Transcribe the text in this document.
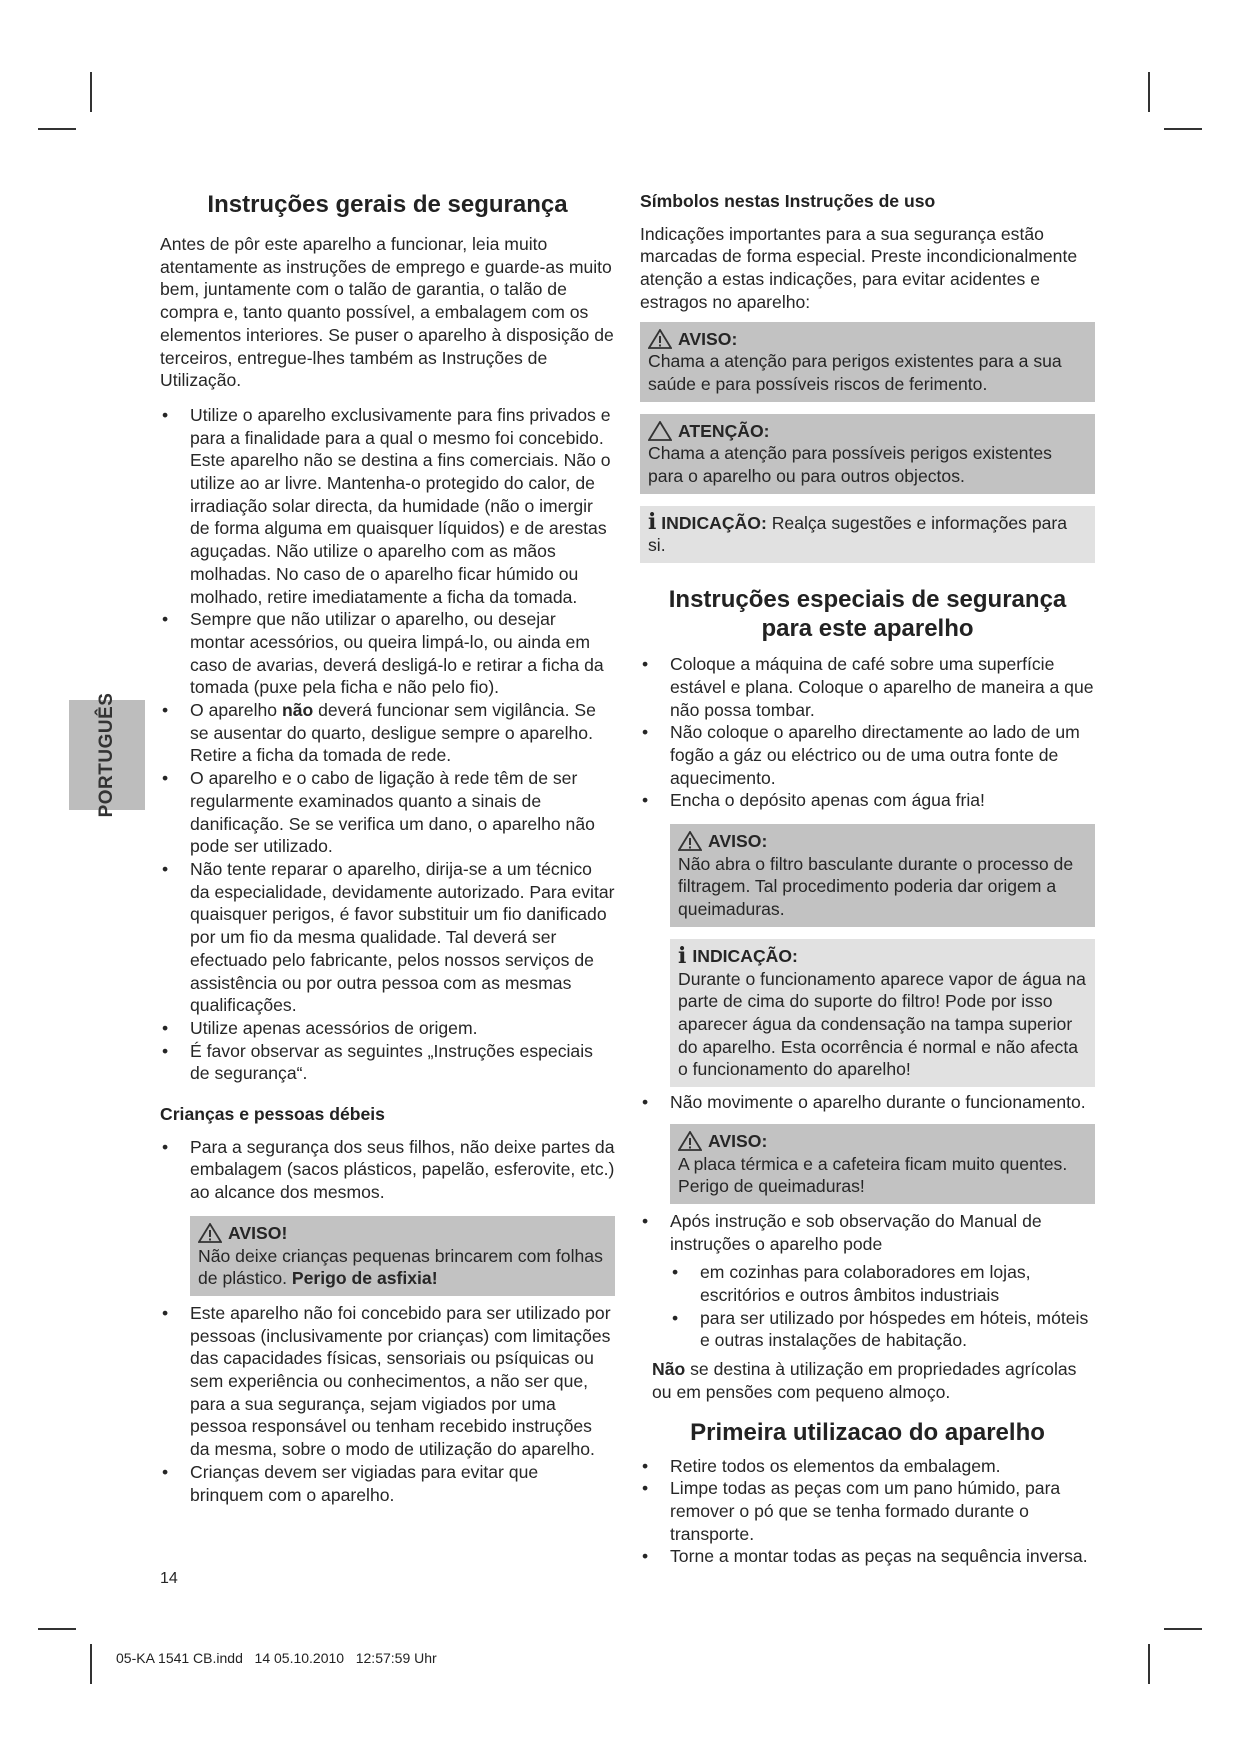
PORTUGUÊS
Instruções gerais de segurança

Antes de pôr este aparelho a funcionar, leia muito atentamente as instruções de emprego e guarde-as muito bem, juntamente com o talão de garantia, o talão de compra e, tanto quanto possível, a embalagem com os elementos interiores. Se puser o aparelho à disposição de terceiros, entregue-lhes também as Instruções de Utilização.

• Utilize o aparelho exclusivamente para fins privados e para a finalidade para a qual o mesmo foi concebido. Este aparelho não se destina a fins comerciais. Não o utilize ao ar livre. Mantenha-o protegido do calor, de irradiação solar directa, da humidade (não o imergir de forma alguma em quaisquer líquidos) e de arestas aguçadas. Não utilize o aparelho com as mãos molhadas. No caso de o aparelho ficar húmido ou molhado, retire imediatamente a ficha da tomada.
• Sempre que não utilizar o aparelho, ou desejar montar acessórios, ou queira limpá-lo, ou ainda em caso de avarias, deverá desligá-lo e retirar a ficha da tomada (puxe pela ficha e não pelo fio).
• O aparelho não deverá funcionar sem vigilância. Se se ausentar do quarto, desligue sempre o aparelho. Retire a ficha da tomada de rede.
• O aparelho e o cabo de ligação à rede têm de ser regularmente examinados quanto a sinais de danificação. Se se verifica um dano, o aparelho não pode ser utilizado.
• Não tente reparar o aparelho, dirija-se a um técnico da especialidade, devidamente autorizado. Para evitar quaisquer perigos, é favor substituir um fio danificado por um fio da mesma qualidade. Tal deverá ser efectuado pelo fabricante, pelos nossos serviços de assistência ou por outra pessoa com as mesmas qualificações.
• Utilize apenas acessórios de origem.
• É favor observar as seguintes „Instruções especiais de segurança“.
Crianças e pessoas débeis
• Para a segurança dos seus filhos, não deixe partes da embalagem (sacos plásticos, papelão, esferovite, etc.) ao alcance dos mesmos.
AVISO!
Não deixe crianças pequenas brincarem com folhas de plástico. Perigo de asfixia!
• Este aparelho não foi concebido para ser utilizado por pessoas (inclusivamente por crianças) com limitações das capacidades físicas, sensoriais ou psíquicas ou sem experiência ou conhecimentos, a não ser que, para a sua segurança, sejam vigiados por uma pessoa responsável ou tenham recebido instruções da mesma, sobre o modo de utilização do aparelho.
• Crianças devem ser vigiadas para evitar que brinquem com o aparelho.
Símbolos nestas Instruções de uso

Indicações importantes para a sua segurança estão marcadas de forma especial. Preste incondicionalmente atenção a estas indicações, para evitar acidentes e estragos no aparelho:

AVISO:
Chama a atenção para perigos existentes para a sua saúde e para possíveis riscos de ferimento.
ATENÇÃO:
Chama a atenção para possíveis perigos existentes para o aparelho ou para outros objectos.
i INDICAÇÃO: Realça sugestões e informações para si.
Instruções especiais de segurança
para este aparelho
• Coloque a máquina de café sobre uma superfície estável e plana. Coloque o aparelho de maneira a que não possa tombar.
• Não coloque o aparelho directamente ao lado de um fogão a gáz ou eléctrico ou de uma outra fonte de aquecimento.
• Encha o depósito apenas com água fria!
AVISO:
Não abra o filtro basculante durante o processo de filtragem. Tal procedimento poderia dar origem a queimaduras.
i INDICAÇÃO:
Durante o funcionamento aparece vapor de água na parte de cima do suporte do filtro! Pode por isso aparecer água da condensação na tampa superior do aparelho. Esta ocorrência é normal e não afecta o funcionamento do aparelho!
• Não movimente o aparelho durante o funcionamento.
AVISO:
A placa térmica e a cafeteira ficam muito quentes. Perigo de queimaduras!
• Após instrução e sob observação do Manual de instruções o aparelho pode
• em cozinhas para colaboradores em lojas, escritórios e outros âmbitos industriais
• para ser utilizado por hóspedes em hóteis, móteis e outras instalações de habitação.

Não se destina à utilização em propriedades agrícolas ou em pensões com pequeno almoço.

Primeira utilizacao do aparelho
• Retire todos os elementos da embalagem.
• Limpe todas as peças com um pano húmido, para remover o pó que se tenha formado durante o transporte.
• Torne a montar todas as peças na sequência inversa.
14
05-KA 1541 CB.indd   14 05.10.2010   12:57:59 Uhr
